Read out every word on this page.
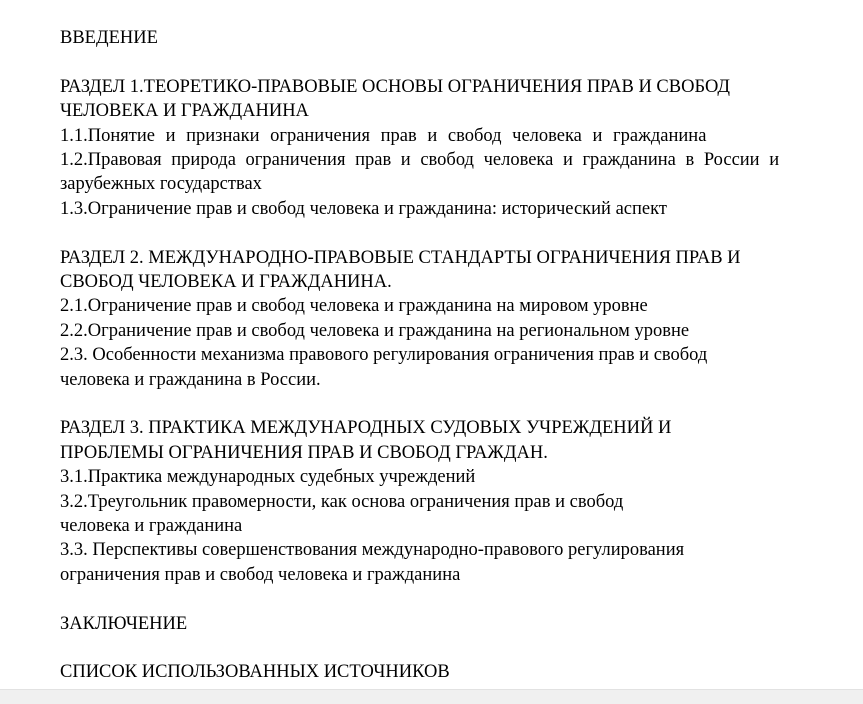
ВВЕДЕНИЕ
РАЗДЕЛ 1.ТЕОРЕТИКО-ПРАВОВЫЕ ОСНОВЫ ОГРАНИЧЕНИЯ ПРАВ И СВОБОД
ЧЕЛОВЕКА И ГРАЖДАНИНА
1.1.Понятие и признаки ограничения прав и свобод человека и гражданина
1.2.Правовая природа ограничения прав и свобод человека и гражданина в России и
зарубежных государствах
1.3.Ограничение прав и свобод человека и гражданина: исторический аспект
РАЗДЕЛ 2. МЕЖДУНАРОДНО-ПРАВОВЫЕ СТАНДАРТЫ ОГРАНИЧЕНИЯ ПРАВ И
СВОБОД ЧЕЛОВЕКА И ГРАЖДАНИНА.
2.1.Ограничение прав и свобод человека и гражданина на мировом уровне
2.2.Ограничение прав и свобод человека и гражданина на региональном уровне
2.3. Особенности механизма правового регулирования ограничения прав и свобод
человека и гражданина в России.
РАЗДЕЛ 3. ПРАКТИКА МЕЖДУНАРОДНЫХ СУДОВЫХ УЧРЕЖДЕНИЙ И
ПРОБЛЕМЫ ОГРАНИЧЕНИЯ ПРАВ И СВОБОД ГРАЖДАН.
3.1.Практика международных судебных учреждений
3.2.Треугольник правомерности, как основа ограничения прав и свобод
человека и гражданина
3.3. Перспективы совершенствования международно-правового регулирования
ограничения прав и свобод человека и гражданина
ЗАКЛЮЧЕНИЕ
СПИСОК ИСПОЛЬЗОВАННЫХ ИСТОЧНИКОВ
